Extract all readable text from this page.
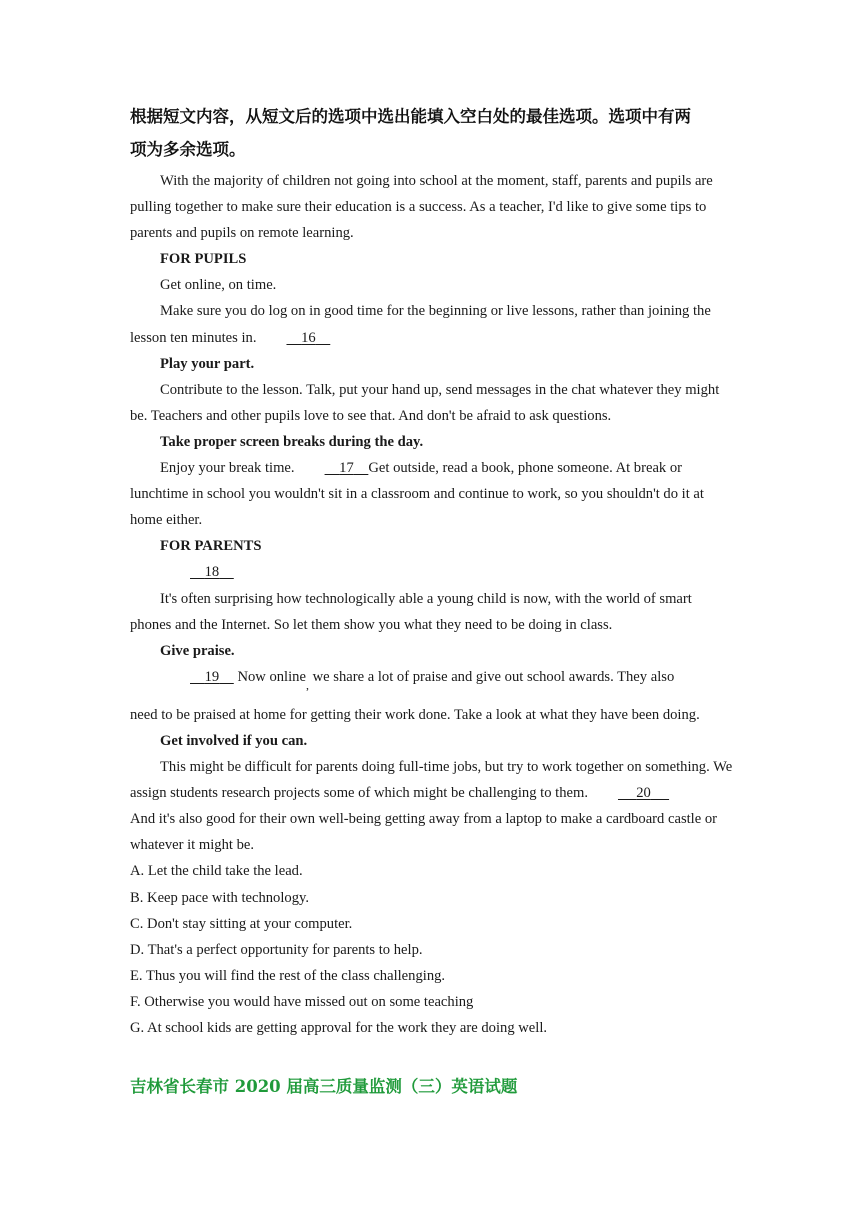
根据短文内容，从短文后的选项中选出能填入空白处的最佳选项。选项中有两
项为多余选项。

With the majority of children not going into school at the moment, staff, parents and pupils are pulling together to make sure their education is a success. As a teacher, I'd like to give some tips to parents and pupils on remote learning.

FOR PUPILS

Get online, on time.

Make sure you do log on in good time for the beginning or live lessons, rather than joining the lesson ten minutes in.	16

Play your part.

Contribute to the lesson. Talk, put your hand up, send messages in the chat whatever they might be. Teachers and other pupils love to see that. And don't be afraid to ask questions.

Take proper screen breaks during the day.

Enjoy your break time.	17 Get outside, read a book, phone someone. At break or lunchtime in school you wouldn't sit in a classroom and continue to work, so you shouldn't do it at home either.

FOR PARENTS

18

It's often surprising how technologically able a young child is now, with the world of smart phones and the Internet. So let them show you what they need to be doing in class.

Give praise.

19 Now online$_,$ we share a lot of praise and give out school awards. They also

need to be praised at home for getting their work done. Take a look at what they have been doing.

Get involved if you can.

This might be difficult for parents doing full-time jobs, but try to work together on something. We assign students research projects some of which might be challenging to them.	20

And it's also good for their own well-being getting away from a laptop to make a cardboard castle or whatever it might be.

A. Let the child take the lead.

B. Keep pace with technology.

C. Don't stay sitting at your computer.

D. That's a perfect opportunity for parents to help.

E. Thus you will find the rest of the class challenging.

F. Otherwise you would have missed out on some teaching

G. At school kids are getting approval for the work they are doing well.

吉林省长春市 2020 届高三质量监测（三）英语试题
